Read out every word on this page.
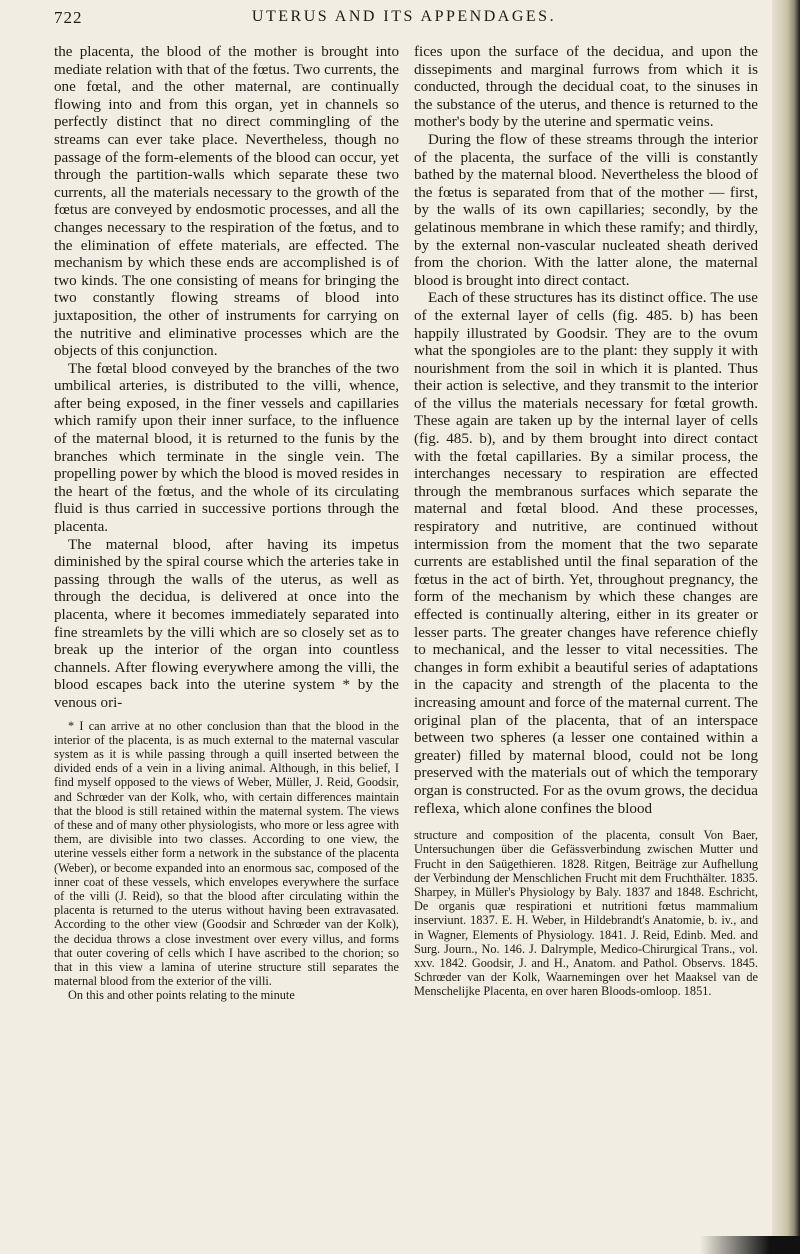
722	UTERUS AND ITS APPENDAGES.

the placenta, the blood of the mother is brought into mediate relation with that of the fœtus. Two currents, the one fœtal, and the other maternal, are continually flowing into and from this organ, yet in channels so perfectly distinct that no direct commingling of the streams can ever take place. Nevertheless, though no passage of the form-elements of the blood can occur, yet through the partition-walls which separate these two currents, all the materials necessary to the growth of the fœtus are conveyed by endosmotic processes, and all the changes necessary to the respiration of the fœtus, and to the elimination of effete materials, are effected. The mechanism by which these ends are accomplished is of two kinds. The one consisting of means for bringing the two constantly flowing streams of blood into juxtaposition, the other of instruments for carrying on the nutritive and eliminative processes which are the objects of this conjunction.

The fœtal blood conveyed by the branches of the two umbilical arteries, is distributed to the villi, whence, after being exposed, in the finer vessels and capillaries which ramify upon their inner surface, to the influence of the maternal blood, it is returned to the funis by the branches which terminate in the single vein. The propelling power by which the blood is moved resides in the heart of the fœtus, and the whole of its circulating fluid is thus carried in successive portions through the placenta.

The maternal blood, after having its impetus diminished by the spiral course which the arteries take in passing through the walls of the uterus, as well as through the decidua, is delivered at once into the placenta, where it becomes immediately separated into fine streamlets by the villi which are so closely set as to break up the interior of the organ into countless channels. After flowing everywhere among the villi, the blood escapes back into the uterine system * by the venous ori-

* I can arrive at no other conclusion than that the blood in the interior of the placenta, is as much external to the maternal vascular system as it is while passing through a quill inserted between the divided ends of a vein in a living animal. Although, in this belief, I find myself opposed to the views of Weber, Müller, J. Reid, Goodsir, and Schrœder van der Kolk, who, with certain differences maintain that the blood is still retained within the maternal system. The views of these and of many other physiologists, who more or less agree with them, are divisible into two classes. According to one view, the uterine vessels either form a network in the substance of the placenta (Weber), or become expanded into an enormous sac, composed of the inner coat of these vessels, which envelopes everywhere the surface of the villi (J. Reid), so that the blood after circulating within the placenta is returned to the uterus without having been extravasated. According to the other view (Goodsir and Schrœder van der Kolk), the decidua throws a close investment over every villus, and forms that outer covering of cells which I have ascribed to the chorion; so that in this view a lamina of uterine structure still separates the maternal blood from the exterior of the villi.

On this and other points relating to the minute

fices upon the surface of the decidua, and upon the dissepiments and marginal furrows from which it is conducted, through the decidual coat, to the sinuses in the substance of the uterus, and thence is returned to the mother's body by the uterine and spermatic veins.

During the flow of these streams through the interior of the placenta, the surface of the villi is constantly bathed by the maternal blood. Nevertheless the blood of the fœtus is separated from that of the mother — first, by the walls of its own capillaries; secondly, by the gelatinous membrane in which these ramify; and thirdly, by the external non-vascular nucleated sheath derived from the chorion. With the latter alone, the maternal blood is brought into direct contact.

Each of these structures has its distinct office. The use of the external layer of cells (fig. 485. b) has been happily illustrated by Goodsir. They are to the ovum what the spongioles are to the plant: they supply it with nourishment from the soil in which it is planted. Thus their action is selective, and they transmit to the interior of the villus the materials necessary for fœtal growth. These again are taken up by the internal layer of cells (fig. 485. b), and by them brought into direct contact with the fœtal capillaries. By a similar process, the interchanges necessary to respiration are effected through the membranous surfaces which separate the maternal and fœtal blood. And these processes, respiratory and nutritive, are continued without intermission from the moment that the two separate currents are established until the final separation of the fœtus in the act of birth. Yet, throughout pregnancy, the form of the mechanism by which these changes are effected is continually altering, either in its greater or lesser parts. The greater changes have reference chiefly to mechanical, and the lesser to vital necessities. The changes in form exhibit a beautiful series of adaptations in the capacity and strength of the placenta to the increasing amount and force of the maternal current. The original plan of the placenta, that of an interspace between two spheres (a lesser one contained within a greater) filled by maternal blood, could not be long preserved with the materials out of which the temporary organ is constructed. For as the ovum grows, the decidua reflexa, which alone confines the blood

structure and composition of the placenta, consult Von Baer, Untersuchungen über die Gefässverbindung zwischen Mutter und Frucht in den Saügethieren. 1828. Ritgen, Beiträge zur Aufhellung der Verbindung der Menschlichen Frucht mit dem Fruchthälter. 1835. Sharpey, in Müller's Physiology by Baly. 1837 and 1848. Eschricht, De organis quæ respirationi et nutritioni fœtus mammalium inserviunt. 1837. E. H. Weber, in Hildebrandt's Anatomie, b. iv., and in Wagner, Elements of Physiology. 1841. J. Reid, Edinb. Med. and Surg. Journ., No. 146. J. Dalrymple, Medico-Chirurgical Trans., vol. xxv. 1842. Goodsir, J. and H., Anatom. and Pathol. Observs. 1845. Schrœder van der Kolk, Waarnemingen over het Maaksel van de Menschelijke Placenta, en over haren Bloods-omloop. 1851.
